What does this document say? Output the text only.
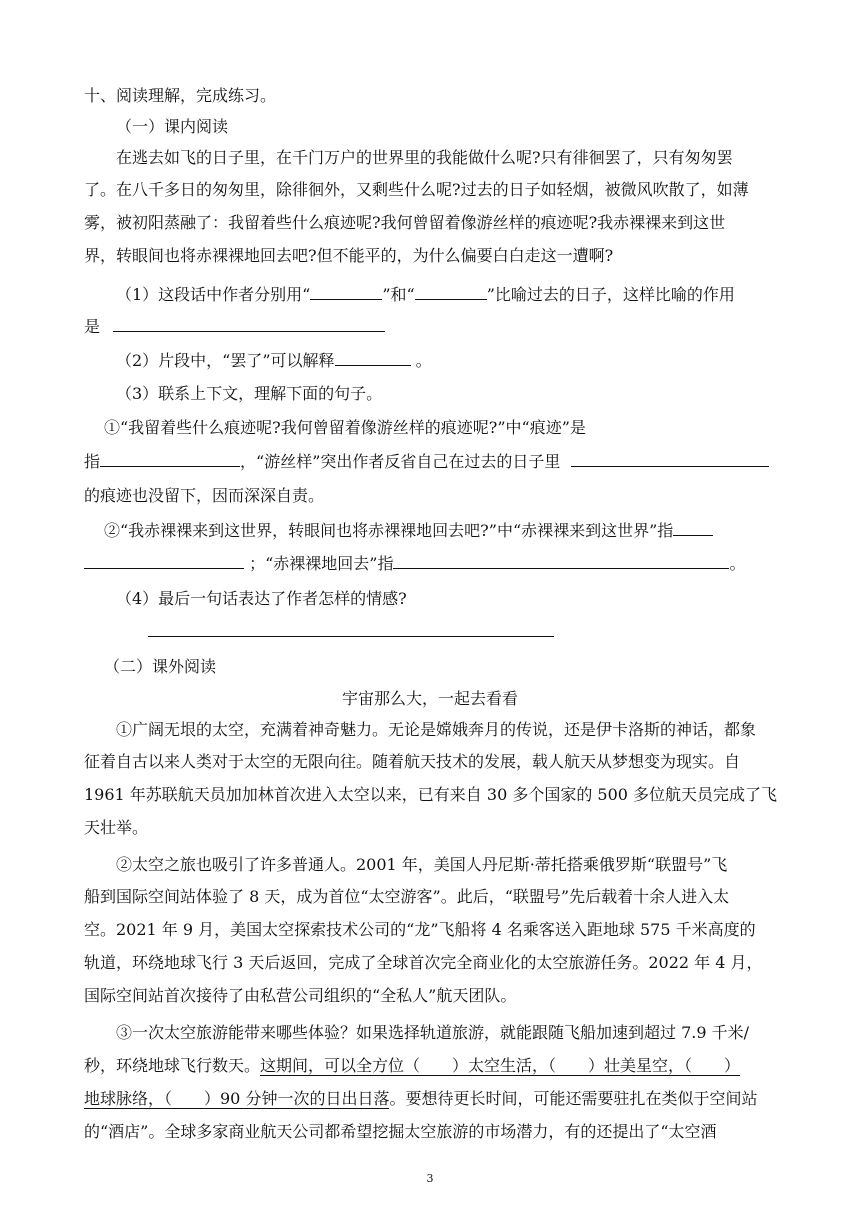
十、阅读理解，完成练习。
（一）课内阅读
在逃去如飞的日子里，在千门万户的世界里的我能做什么呢?只有徘徊罢了，只有匆匆罢
了。在八千多日的匆匆里，除徘徊外，又剩些什么呢?过去的日子如轻烟，被微风吹散了，如薄
雾，被初阳蒸融了：我留着些什么痕迹呢?我何曾留着像游丝样的痕迹呢?我赤裸裸来到这世
界，转眼间也将赤裸裸地回去吧?但不能平的，为什么偏要白白走这一遭啊?
（1）这段话中作者分别用“	”和“	”比喻过去的日子，这样比喻的作用
是
（2）片段中，“罢了”可以解释	。
（3）联系上下文，理解下面的句子。
①“我留着些什么痕迹呢?我何曾留着像游丝样的痕迹呢?”中“痕迹”是
指	，“游丝样”突出作者反省自己在过去的日子里
的痕迹也没留下，因而深深自责。
②“我赤裸裸来到这世界，转眼间也将赤裸裸地回去吧?”中“赤裸裸来到这世界”指
；“赤裸裸地回去”指	。
（4）最后一句话表达了作者怎样的情感?
（二）课外阅读
宇宙那么大，一起去看看
①广阔无垠的太空，充满着神奇魅力。无论是嫦娥奔月的传说，还是伊卡洛斯的神话，都象
征着自古以来人类对于太空的无限向往。随着航天技术的发展，载人航天从梦想变为现实。自
1961 年苏联航天员加加林首次进入太空以来，已有来自 30 多个国家的 500 多位航天员完成了飞
天壮举。
②太空之旅也吸引了许多普通人。2001 年，美国人丹尼斯·蒂托搭乘俄罗斯“联盟号”飞
船到国际空间站体验了 8 天，成为首位“太空游客”。此后，“联盟号”先后载着十余人进入太
空。2021 年 9 月，美国太空探索技术公司的“龙”飞船将 4 名乘客送入距地球 575 千米高度的
轨道，环绕地球飞行 3 天后返回，完成了全球首次完全商业化的太空旅游任务。2022 年 4 月，
国际空间站首次接待了由私营公司组织的“全私人”航天团队。
③一次太空旅游能带来哪些体验？如果选择轨道旅游，就能跟随飞船加速到超过 7.9 千米/
秒，环绕地球飞行数天。这期间，可以全方位（　　）太空生活，（　　）壮美星空，（　　）
地球脉络，（　　）90 分钟一次的日出日落。要想待更长时间，可能还需要驻扎在类似于空间站
的“酒店”。全球多家商业航天公司都希望挖掘太空旅游的市场潜力，有的还提出了“太空酒
3
